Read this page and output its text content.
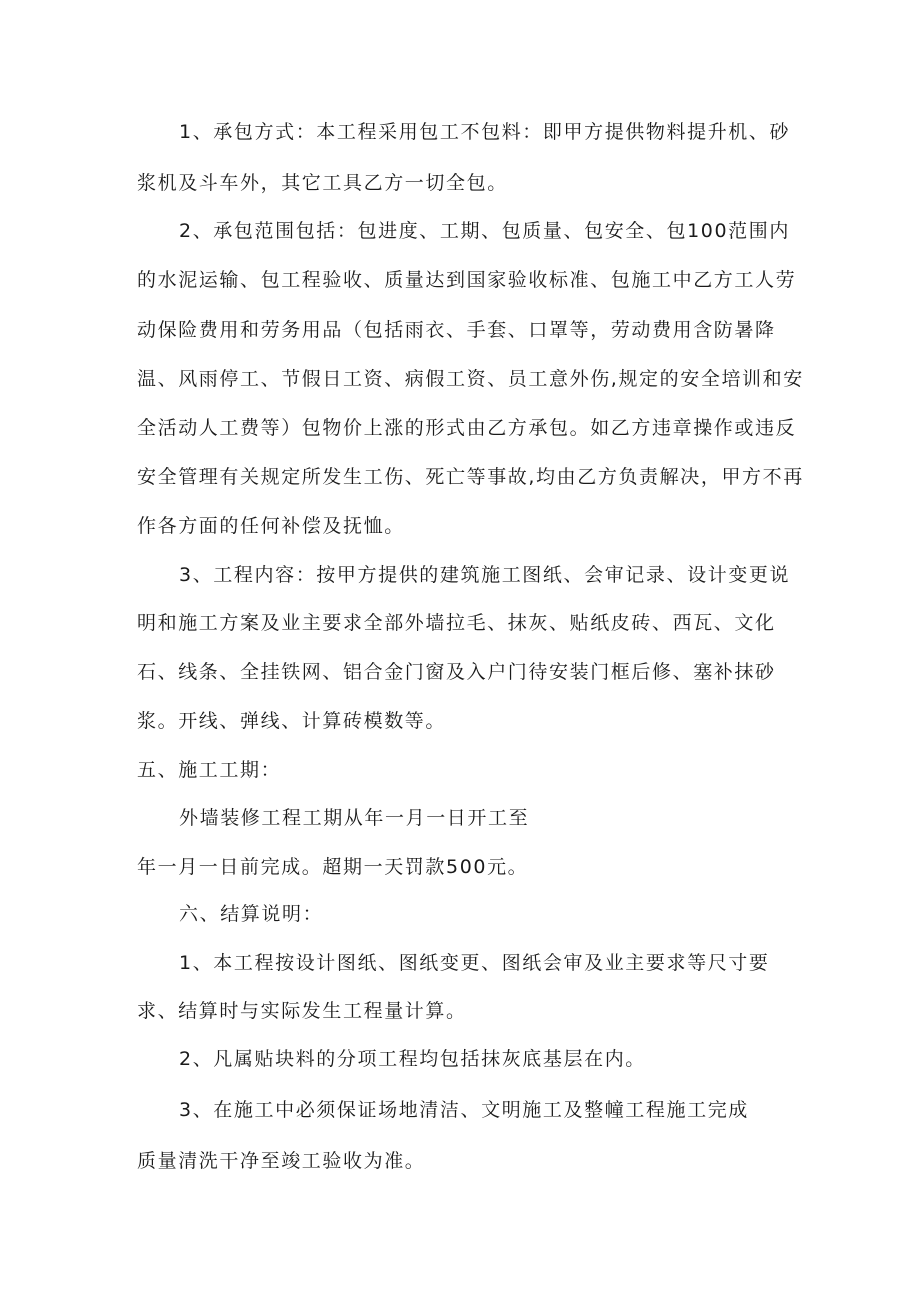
1、承包方式：本工程采用包工不包料：即甲方提供物料提升机、砂
浆机及斗车外，其它工具乙方一切全包。
2、承包范围包括：包进度、工期、包质量、包安全、包100范围内
的水泥运输、包工程验收、质量达到国家验收标准、包施工中乙方工人劳
动保险费用和劳务用品（包括雨衣、手套、口罩等，劳动费用含防暑降
温、风雨停工、节假日工资、病假工资、员工意外伤,规定的安全培训和安
全活动人工费等）包物价上涨的形式由乙方承包。如乙方违章操作或违反
安全管理有关规定所发生工伤、死亡等事故,均由乙方负责解决，甲方不再
作各方面的任何补偿及抚恤。
3、工程内容：按甲方提供的建筑施工图纸、会审记录、设计变更说
明和施工方案及业主要求全部外墙拉毛、抹灰、贴纸皮砖、西瓦、文化
石、线条、全挂铁网、铝合金门窗及入户门待安装门框后修、塞补抹砂
浆。开线、弹线、计算砖模数等。
五、施工工期：
外墙装修工程工期从年一月一日开工至
年一月一日前完成。超期一天罚款500元。
六、结算说明：
1、本工程按设计图纸、图纸变更、图纸会审及业主要求等尺寸要
求、结算时与实际发生工程量计算。
2、凡属贴块料的分项工程均包括抹灰底基层在内。
3、在施工中必须保证场地清洁、文明施工及整幢工程施工完成
质量清洗干净至竣工验收为准。
